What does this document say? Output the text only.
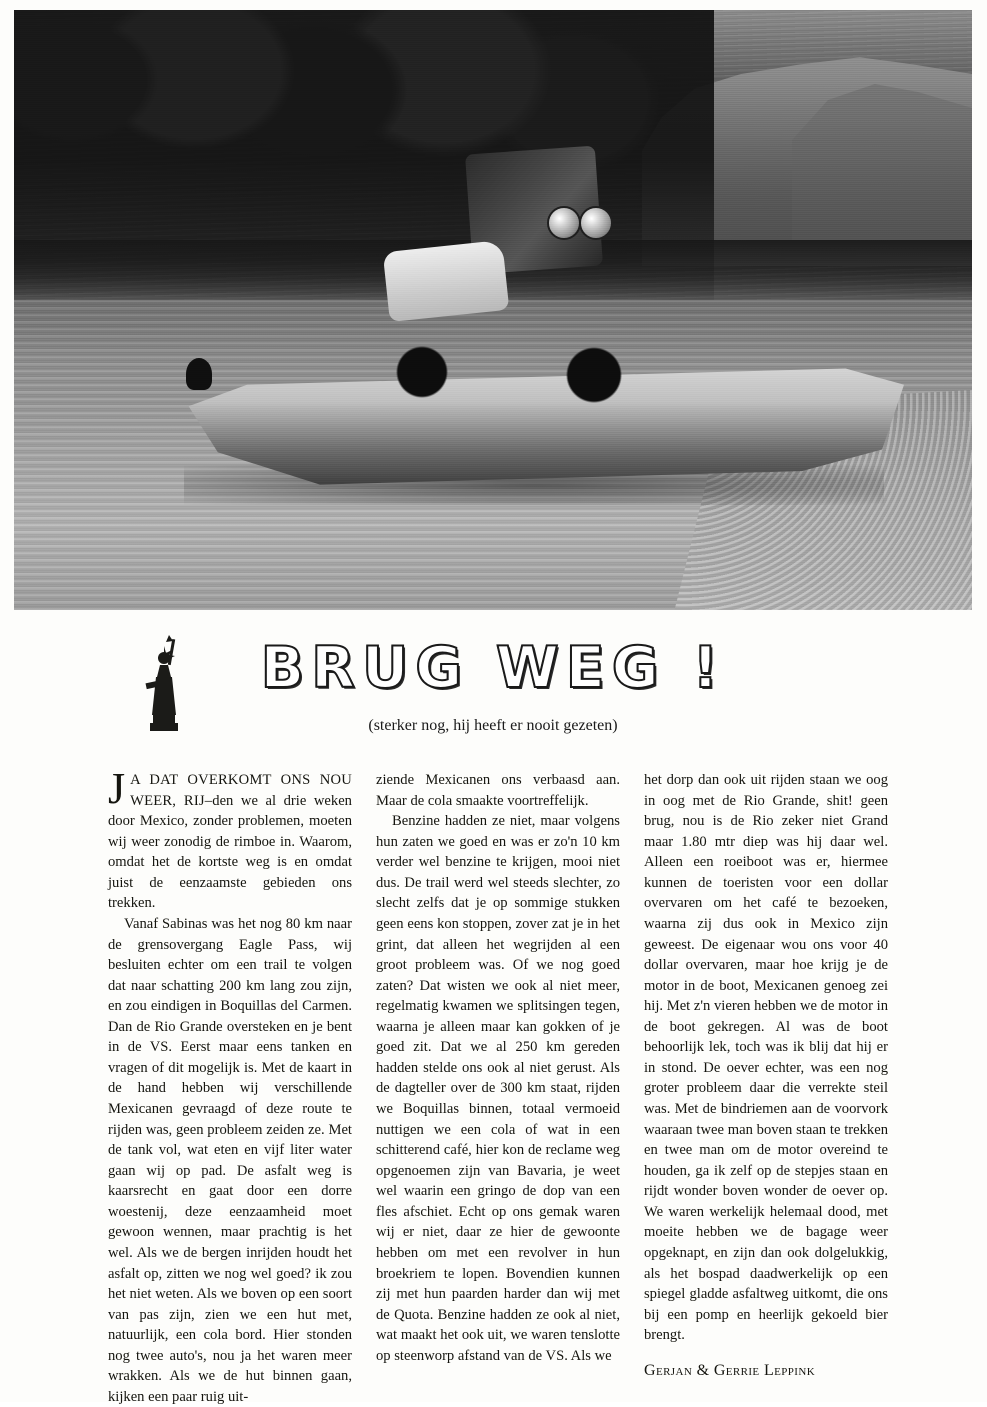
BRUG WEG !
(sterker nog, hij heeft er nooit gezeten)

J A DAT OVERKOMT ONS NOU WEER, RIJ–den we al drie weken door Mexico, zonder problemen, moeten wij weer zonodig de rimboe in. Waarom, omdat het de kortste weg is en omdat juist de eenzaamste gebieden ons trekken.

Vanaf Sabinas was het nog 80 km naar de grensovergang Eagle Pass, wij besluiten echter om een trail te volgen dat naar schatting 200 km lang zou zijn, en zou eindigen in Boquillas del Carmen. Dan de Rio Grande oversteken en je bent in de VS. Eerst maar eens tanken en vragen of dit mogelijk is. Met de kaart in de hand hebben wij verschillende Mexicanen gevraagd of deze route te rijden was, geen probleem zeiden ze. Met de tank vol, wat eten en vijf liter water gaan wij op pad. De asfalt weg is kaarsrecht en gaat door een dorre woestenij, deze eenzaamheid moet gewoon wennen, maar prachtig is het wel. Als we de bergen inrijden houdt het asfalt op, zitten we nog wel goed? ik zou het niet weten. Als we boven op een soort van pas zijn, zien we een hut met, natuurlijk, een cola bord. Hier stonden nog twee auto's, nou ja het waren meer wrakken. Als we de hut binnen gaan, kijken een paar ruig uit-

ziende Mexicanen ons verbaasd aan. Maar de cola smaakte voortreffelijk.

Benzine hadden ze niet, maar volgens hun zaten we goed en was er zo'n 10 km verder wel benzine te krijgen, mooi niet dus. De trail werd wel steeds slechter, zo slecht zelfs dat je op sommige stukken geen eens kon stoppen, zover zat je in het grint, dat alleen het wegrijden al een groot probleem was. Of we nog goed zaten? Dat wisten we ook al niet meer, regelmatig kwamen we splitsingen tegen, waarna je alleen maar kan gokken of je goed zit. Dat we al 250 km gereden hadden stelde ons ook al niet gerust. Als de dagteller over de 300 km staat, rijden we Boquillas binnen, totaal vermoeid nuttigen we een cola of wat in een schitterend café, hier kon de reclame weg opgenoemen zijn van Bavaria, je weet wel waarin een gringo de dop van een fles afschiet. Echt op ons gemak waren wij er niet, daar ze hier de gewoonte hebben om met een revolver in hun broekriem te lopen. Bovendien kunnen zij met hun paarden harder dan wij met de Quota. Benzine hadden ze ook al niet, wat maakt het ook uit, we waren tenslotte op steenworp afstand van de VS. Als we

het dorp dan ook uit rijden staan we oog in oog met de Rio Grande, shit! geen brug, nou is de Rio zeker niet Grand maar 1.80 mtr diep was hij daar wel. Alleen een roeiboot was er, hiermee kunnen de toeristen voor een dollar overvaren om het café te bezoeken, waarna zij dus ook in Mexico zijn geweest. De eigenaar wou ons voor 40 dollar overvaren, maar hoe krijg je de motor in de boot, Mexicanen genoeg zei hij. Met z'n vieren hebben we de motor in de boot gekregen. Al was de boot behoorlijk lek, toch was ik blij dat hij er in stond. De oever echter, was een nog groter probleem daar die verrekte steil was. Met de bindriemen aan de voorvork waaraan twee man boven staan te trekken en twee man om de motor overeind te houden, ga ik zelf op de stepjes staan en rijdt wonder boven wonder de oever op. We waren werkelijk helemaal dood, met moeite hebben we de bagage weer opgeknapt, en zijn dan ook dolgelukkig, als het bospad daadwerkelijk op een spiegel gladde asfaltweg uitkomt, die ons bij een pomp en heerlijk gekoeld bier brengt.

Gerjan & Gerrie Leppink
